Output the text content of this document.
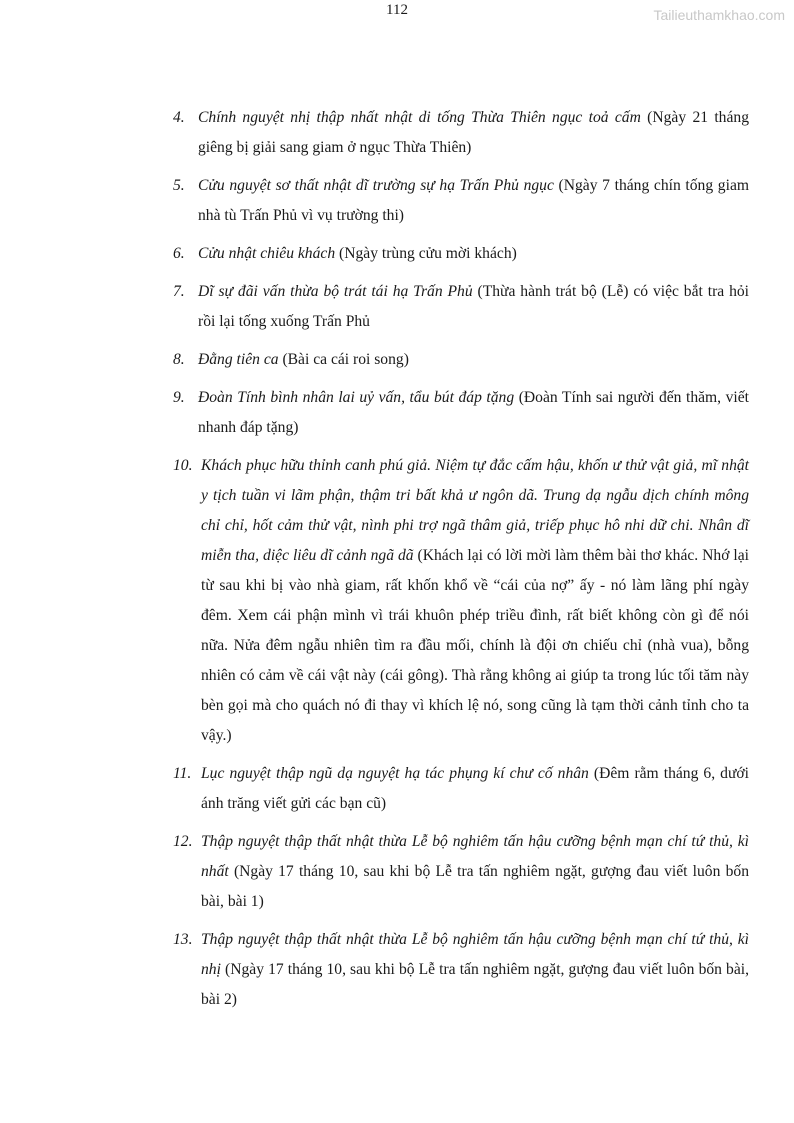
112	Tailieuthamkhao.com
4. Chính nguyệt nhị thập nhất nhật di tống Thừa Thiên ngục toả cấm (Ngày 21 tháng giêng bị giải sang giam ở ngục Thừa Thiên)
5. Cửu nguyệt sơ thất nhật dĩ trường sự hạ Trấn Phủ ngục (Ngày 7 tháng chín tống giam nhà tù Trấn Phủ vì vụ trường thi)
6. Cửu nhật chiêu khách (Ngày trùng cửu mời khách)
7. Dĩ sự đãi vấn thừa bộ trát tái hạ Trấn Phủ (Thừa hành trát bộ (Lễ) có việc bắt tra hỏi rồi lại tống xuống Trấn Phủ
8. Đằng tiên ca (Bài ca cái roi song)
9. Đoàn Tính bình nhân lai uỷ vấn, tẩu bút đáp tặng (Đoàn Tính sai người đến thăm, viết nhanh đáp tặng)
10. Khách phục hữu thỉnh canh phú giả. Niệm tự đắc cấm hậu, khốn ư thử vật giả, mĩ nhật y tịch tuần vi lãm phận, thậm tri bất khả ư ngôn dã. Trung dạ ngẫu dịch chính mông chỉ chỉ, hốt cảm thử vật, nình phi trợ ngã thâm giả, triếp phục hô nhi dữ chi. Nhân dĩ miễn tha, diệc liêu dĩ cảnh ngã dã (Khách lại có lời mời làm thêm bài thơ khác. Nhớ lại từ sau khi bị vào nhà giam, rất khốn khổ về “cái của nợ” ấy - nó làm lãng phí ngày đêm. Xem cái phận mình vì trái khuôn phép triều đình, rất biết không còn gì để nói nữa. Nửa đêm ngẫu nhiên tìm ra đầu mối, chính là đội ơn chiếu chỉ (nhà vua), bỗng nhiên có cảm về cái vật này (cái gông). Thà rằng không ai giúp ta trong lúc tối tăm này bèn gọi mà cho quách nó đi thay vì khích lệ nó, song cũng là tạm thời cảnh tỉnh cho ta vậy.)
11. Lục nguyệt thập ngũ dạ nguyệt hạ tác phụng kí chư cố nhân (Đêm rằm tháng 6, dưới ánh trăng viết gửi các bạn cũ)
12. Thập nguyệt thập thất nhật thừa Lễ bộ nghiêm tấn hậu cưỡng bệnh mạn chí tứ thủ, kì nhất (Ngày 17 tháng 10, sau khi bộ Lễ tra tấn nghiêm ngặt, gượng đau viết luôn bốn bài, bài 1)
13. Thập nguyệt thập thất nhật thừa Lễ bộ nghiêm tấn hậu cưỡng bệnh mạn chí tứ thủ, kì nhị (Ngày 17 tháng 10, sau khi bộ Lễ tra tấn nghiêm ngặt, gượng đau viết luôn bốn bài, bài 2)
